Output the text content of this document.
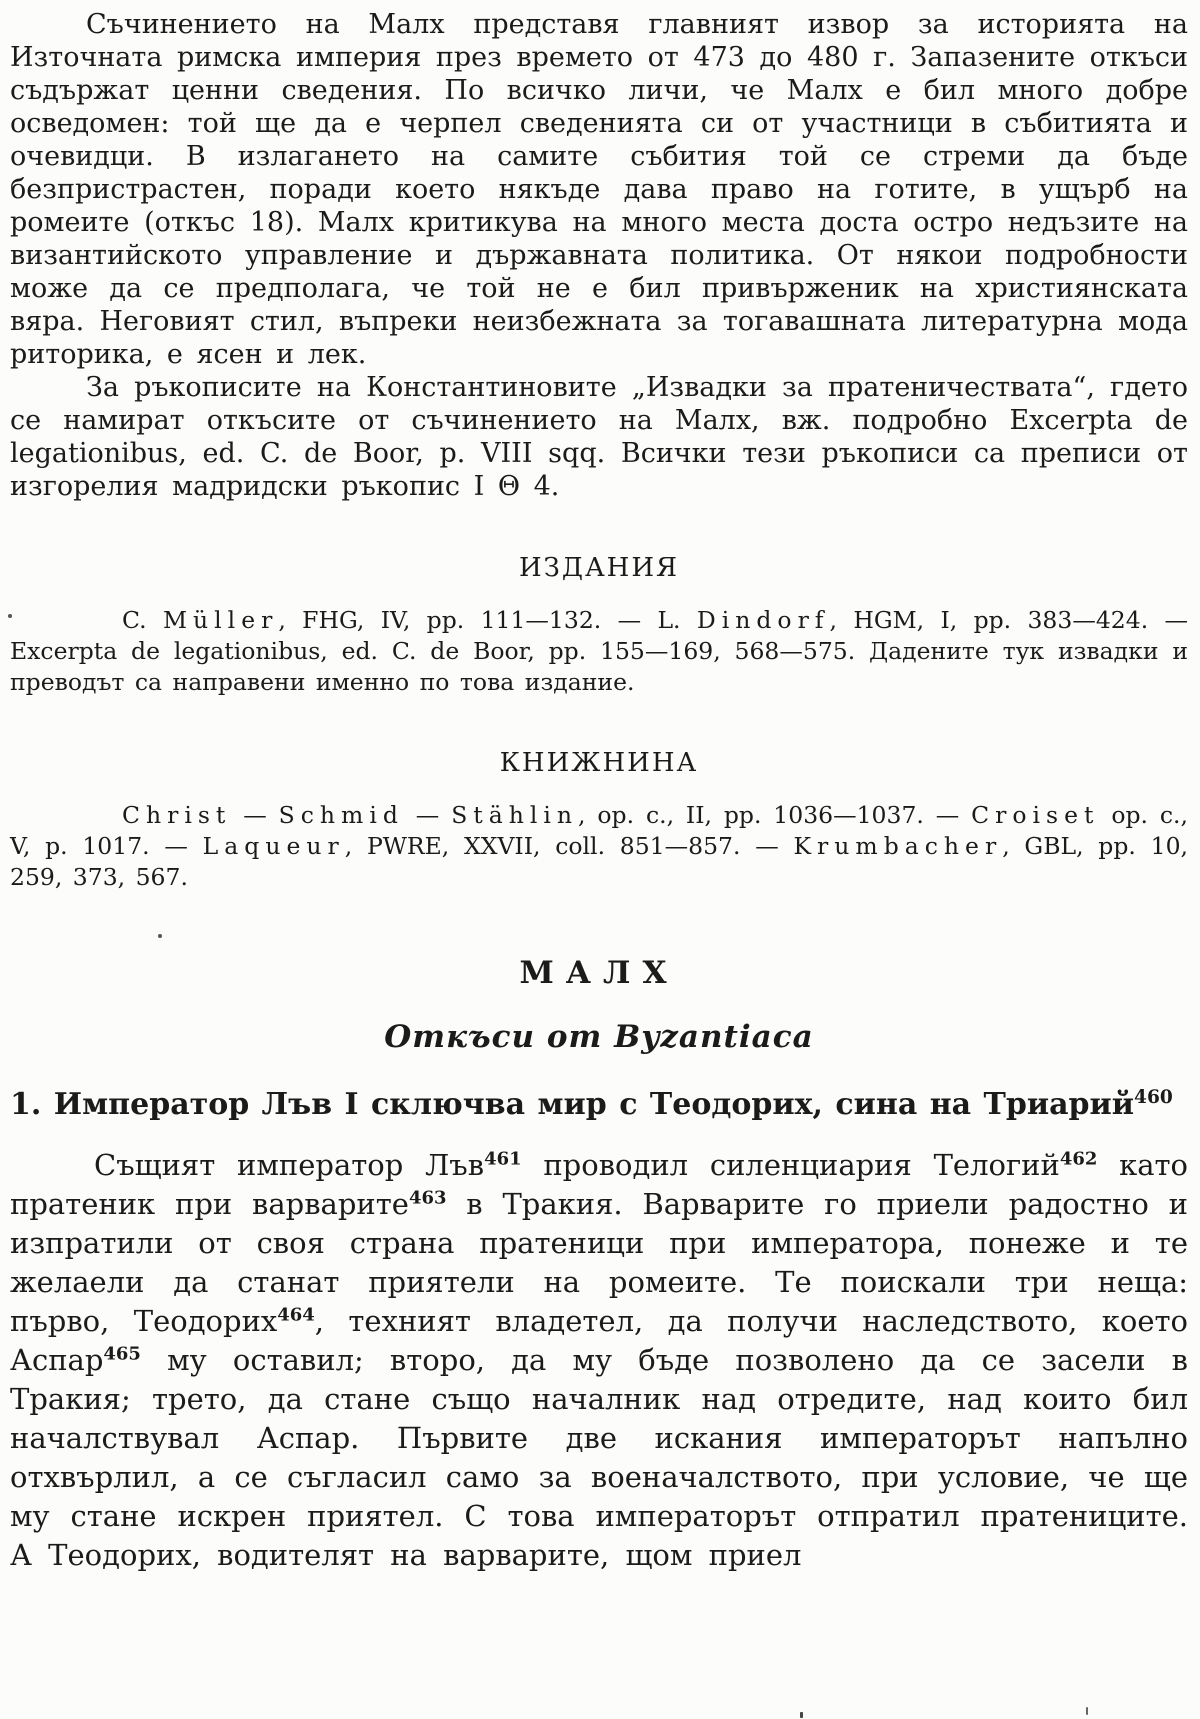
Съчинението на Малх представя главният извор за историята на Източната римска империя през времето от 473 до 480 г. Запазените откъси съдържат ценни сведения. По всичко личи, че Малх е бил много добре осведомен: той ще да е черпел сведенията си от участници в събитията и очевидци. В излагането на самите събития той се стреми да бъде безпристрастен, поради което някъде дава право на готите, в ущърб на ромеите (откъс 18). Малх критикува на много места доста остро недъзите на византийското управление и държавната политика. От някои подробности може да се предполага, че той не е бил привърженик на християнската вяра. Неговият стил, въпреки неизбежната за тогавашната литературна мода риторика, е ясен и лек.

За ръкописите на Константиновите „Извадки за пратеничествата“, гдето се намират откъсите от съчинението на Малх, вж. подробно Excerpta de legationibus, ed. C. de Boor, p. VIII sqq. Всички тези ръкописи са преписи от изгорелия мадридски ръкопис I Θ 4.

ИЗДАНИЯ

C. Müller, FHG, IV, pp. 111—132. — L. Dindorf, HGM, I, pp. 383—424. — Excerpta de legationibus, ed. C. de Boor, pp. 155—169, 568—575. Дадените тук извадки и преводът са направени именно по това издание.

КНИЖНИНА

Christ — Schmid — Stählin, op. c., II, pp. 1036—1037. — Croiset op. c., V, p. 1017. — Laqueur, PWRE, XXVII, coll. 851—857. — Krumbacher, GBL, pp. 10, 259, 373, 567.

МАЛХ
Откъси от Byzantiaca
1. Император Лъв I сключва мир с Теодорих, сина на Триарий$^{460}$

Същият император Лъв$^{461}$ проводил силенциария Телогий$^{462}$ като пратеник при варварите$^{463}$ в Тракия. Варварите го приели радостно и изпратили от своя страна пратеници при императора, понеже и те желаели да станат приятели на ромеите. Те поискали три неща: първо, Теодорих$^{464}$, техният владетел, да получи наследството, което Аспар$^{465}$ му оставил; второ, да му бъде позволено да се засели в Тракия; трето, да стане също началник над отредите, над които бил началствувал Аспар. Първите две искания императорът напълно отхвърлил, а се съгласил само за военачалството, при условие, че ще му стане искрен приятел. С това императорът отпратил пратениците. А Теодорих, водителят на варварите, щом приел
